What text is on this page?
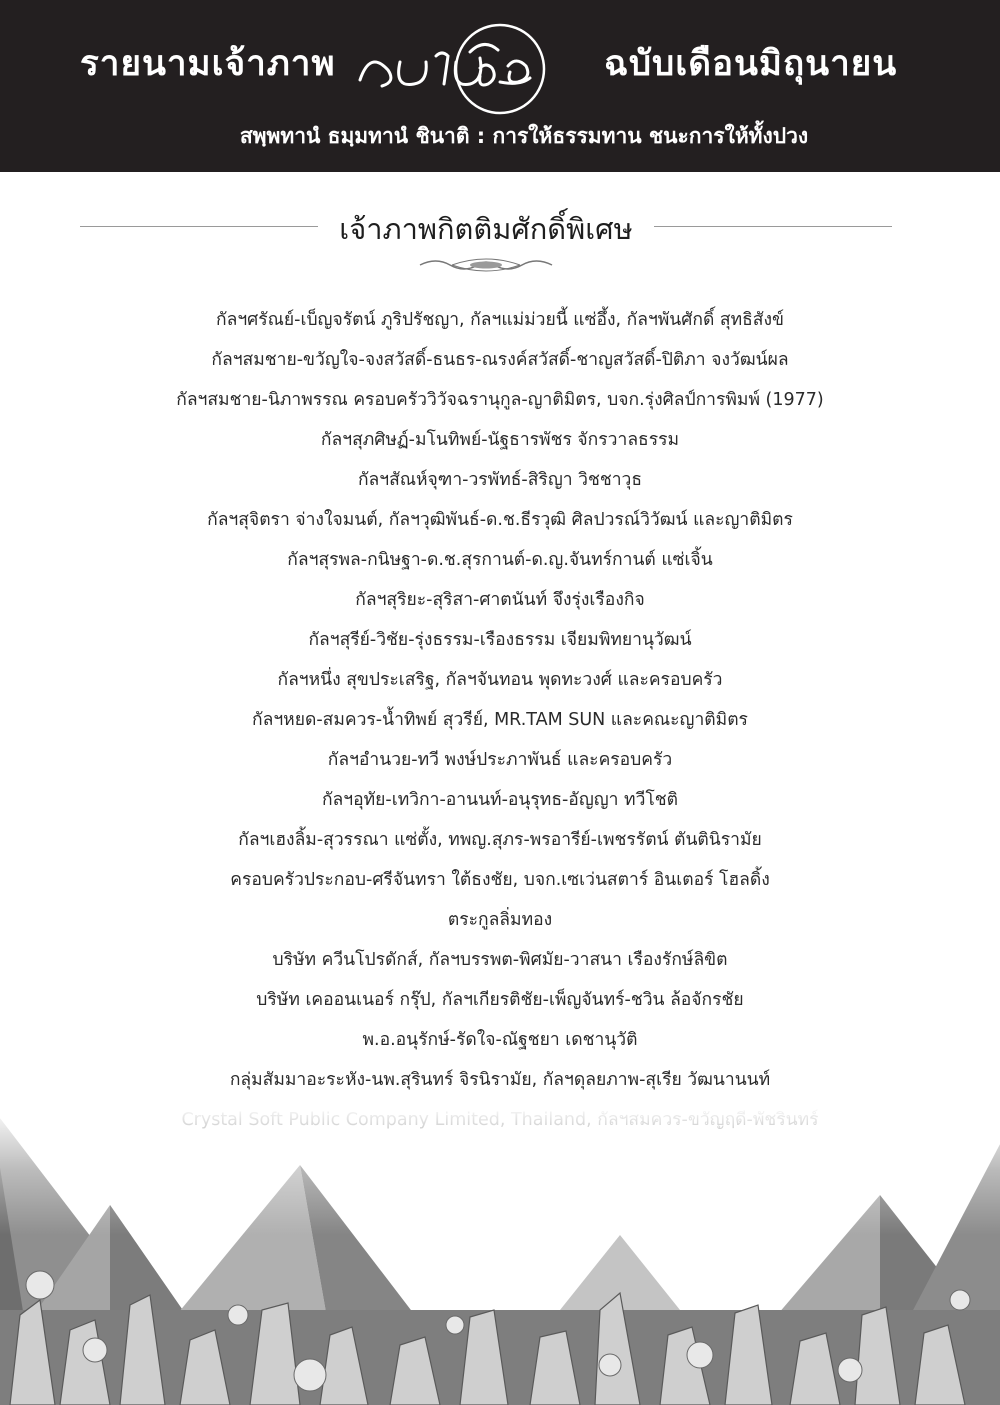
รายนามเจ้าภาพ
อยู่ในบุญ
ฉบับเดือนมิถุนายน
สพฺพทานํ ธมฺมทานํ ชินาติ : การให้ธรรมทาน ชนะการให้ทั้งปวง
เจ้าภาพกิตติมศักดิ์พิเศษ
กัลฯศรัณย์-เบ็ญจรัตน์ ภูริปรัชญา, กัลฯแม่ม่วยนี้ แซ่อึ้ง, กัลฯพันศักดิ์ สุทธิสังข์
กัลฯสมชาย-ขวัญใจ-จงสวัสดิ์-ธนธร-ณรงค์สวัสดิ์-ชาญสวัสดิ์-ปิติภา จงวัฒน์ผล
กัลฯสมชาย-นิภาพรรณ ครอบครัววิวัจฉรานุกูล-ญาติมิตร, บจก.รุ่งศิลป์การพิมพ์ (1977)
กัลฯสุภศิษฏ์-มโนทิพย์-นัฐธารพัชร จักรวาลธรรม
กัลฯสัณห์จุฑา-วรพัทธ์-สิริญา วิชชาวุธ
กัลฯสุจิตรา จ่างใจมนต์, กัลฯวุฒิพันธ์-ด.ช.ธีรวุฒิ ศิลปวรณ์วิวัฒน์ และญาติมิตร
กัลฯสุรพล-กนิษฐา-ด.ช.สุรกานต์-ด.ญ.จันทร์กานต์ แซ่เจิ้น
กัลฯสุริยะ-สุริสา-ศาตนันท์ จึงรุ่งเรืองกิจ
กัลฯสุรีย์-วิชัย-รุ่งธรรม-เรืองธรรม เจียมพิทยานุวัฒน์
กัลฯหนึ่ง สุขประเสริฐ, กัลฯจันทอน พุดทะวงศ์ และครอบครัว
กัลฯหยด-สมควร-น้ำทิพย์ สุวรีย์, MR.TAM SUN และคณะญาติมิตร
กัลฯอำนวย-ทวี พงษ์ประภาพันธ์ และครอบครัว
กัลฯอุทัย-เทวิกา-อานนท์-อนุรุทธ-อัญญา ทวีโชติ
กัลฯเฮงลิ้ม-สุวรรณา แซ่ตั้ง, ทพญ.สุภร-พรอารีย์-เพชรรัตน์ ตันตินิรามัย
ครอบครัวประกอบ-ศรีจันทรา ใต้ธงชัย, บจก.เซเว่นสตาร์ อินเตอร์ โฮลดิ้ง
ตระกูลลิ่มทอง
บริษัท ควีนโปรดักส์, กัลฯบรรพต-พิศมัย-วาสนา เรืองรักษ์ลิขิต
บริษัท เคออนเนอร์ กรุ๊ป, กัลฯเกียรติชัย-เพ็ญจันทร์-ชวิน ล้อจักรชัย
พ.อ.อนุรักษ์-รัดใจ-ณัฐชยา เดชานุวัติ
กลุ่มสัมมาอะระหัง-นพ.สุรินทร์ จิรนิรามัย, กัลฯดุลยภาพ-สุเรีย วัฒนานนท์
